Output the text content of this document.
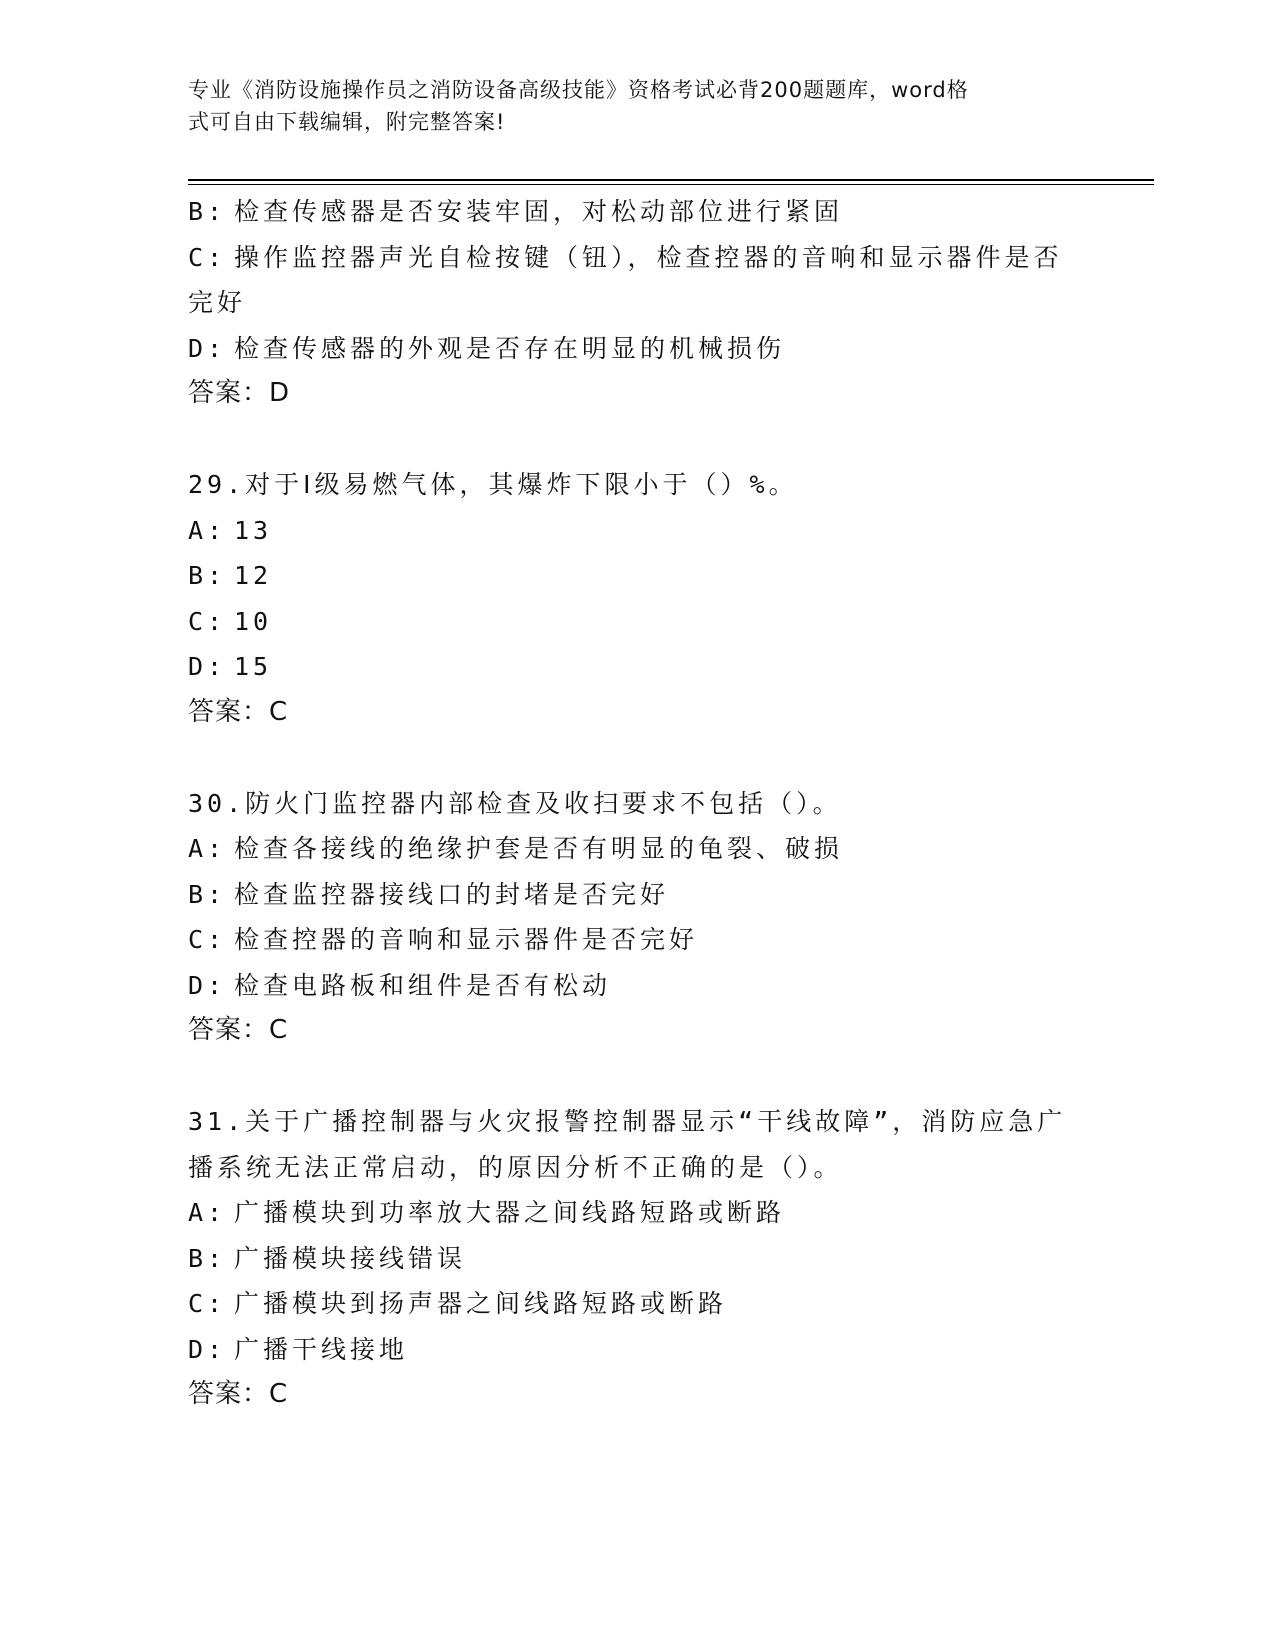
专业《消防设施操作员之消防设备高级技能》资格考试必背200题题库，word格
式可自由下载编辑，附完整答案!
B: 检查传感器是否安装牢固，对松动部位进行紧固
C: 操作监控器声光自检按键（钮），检查控器的音响和显示器件是否
完好
D: 检查传感器的外观是否存在明显的机械损伤
答案：D
29.对于Ⅰ级易燃气体，其爆炸下限小于（）%。
A: 13
B: 12
C: 10
D: 15
答案：C
30.防火门监控器内部检查及收扫要求不包括（）。
A: 检查各接线的绝缘护套是否有明显的龟裂、破损
B: 检查监控器接线口的封堵是否完好
C: 检查控器的音响和显示器件是否完好
D: 检查电路板和组件是否有松动
答案：C
31.关于广播控制器与火灾报警控制器显示“干线故障”，消防应急广
播系统无法正常启动，的原因分析不正确的是（）。
A: 广播模块到功率放大器之间线路短路或断路
B: 广播模块接线错误
C: 广播模块到扬声器之间线路短路或断路
D: 广播干线接地
答案：C
